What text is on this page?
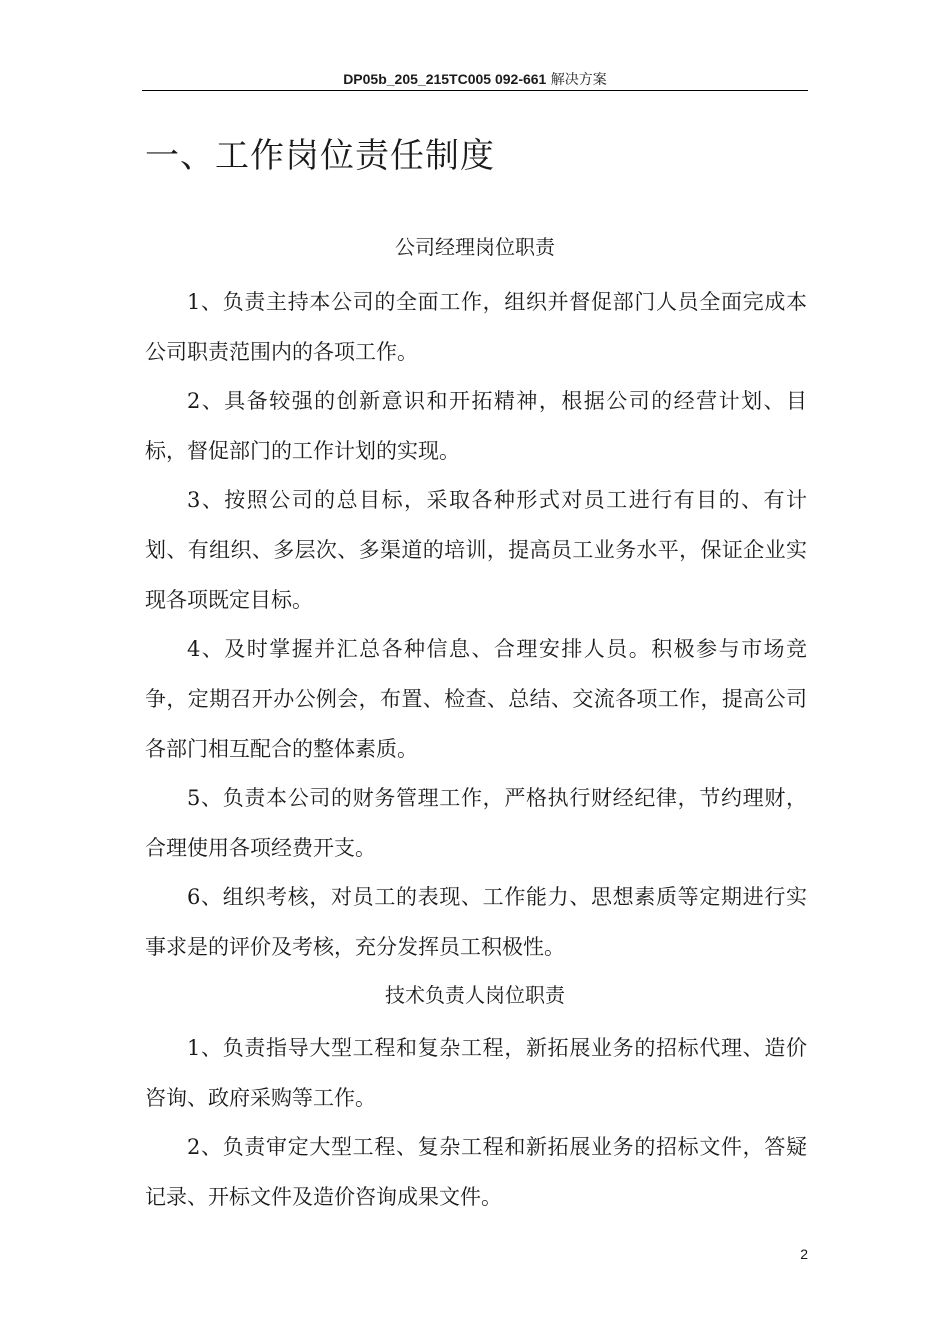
DP05b_205_215TC005 092-661 解决方案
一、工作岗位责任制度
公司经理岗位职责

1、负责主持本公司的全面工作，组织并督促部门人员全面完成本公司职责范围内的各项工作。

2、具备较强的创新意识和开拓精神，根据公司的经营计划、目标，督促部门的工作计划的实现。

3、按照公司的总目标，采取各种形式对员工进行有目的、有计划、有组织、多层次、多渠道的培训，提高员工业务水平，保证企业实现各项既定目标。

4、及时掌握并汇总各种信息、合理安排人员。积极参与市场竞争，定期召开办公例会，布置、检查、总结、交流各项工作，提高公司各部门相互配合的整体素质。

5、负责本公司的财务管理工作，严格执行财经纪律，节约理财，合理使用各项经费开支。

6、组织考核，对员工的表现、工作能力、思想素质等定期进行实事求是的评价及考核，充分发挥员工积极性。

技术负责人岗位职责

1、负责指导大型工程和复杂工程，新拓展业务的招标代理、造价咨询、政府采购等工作。

2、负责审定大型工程、复杂工程和新拓展业务的招标文件，答疑记录、开标文件及造价咨询成果文件。

2
